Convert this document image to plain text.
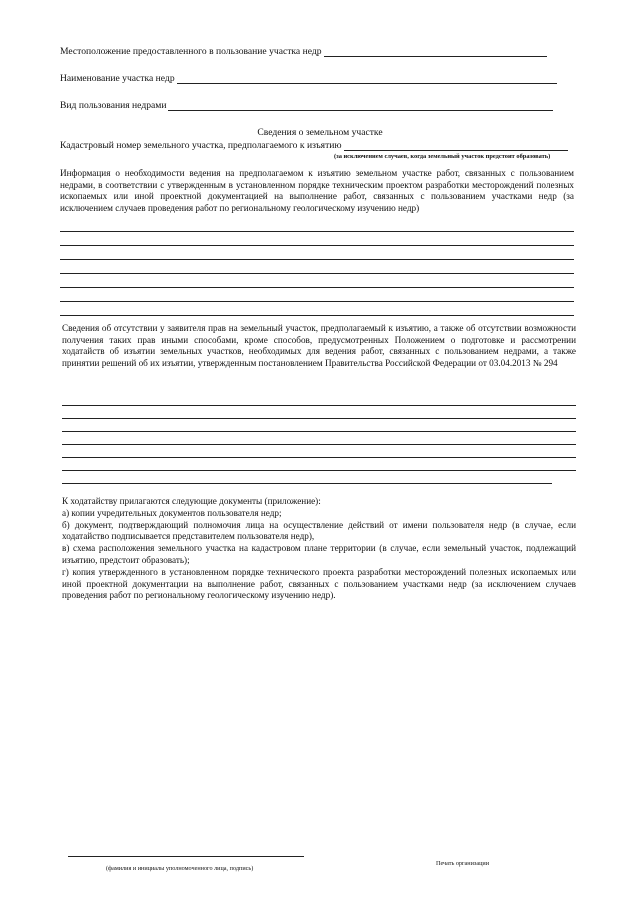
Местоположение предоставленного в пользование участка недр
Наименование участка недр
Вид пользования недрами
Сведения о земельном участке
Кадастровый номер земельного участка, предполагаемого к изъятию
(за исключением случаев, когда земельный участок предстоит образовать)
Информация о необходимости ведения на предполагаемом к изъятию земельном участке работ, связанных с пользованием недрами, в соответствии с утвержденным в установленном порядке техническим проектом разработки месторождений полезных ископаемых или иной проектной документацией на выполнение работ, связанных с пользованием участками недр (за исключением случаев проведения работ по региональному геологическому изучению недр)
Сведения об отсутствии у заявителя прав на земельный участок, предполагаемый к изъятию, а также об отсутствии возможности получения таких прав иными способами, кроме способов, предусмотренных Положением о подготовке и рассмотрении ходатайств об изъятии земельных участков, необходимых для ведения работ, связанных с пользованием недрами, а также принятии решений об их изъятии, утвержденным постановлением Правительства Российской Федерации от 03.04.2013 № 294

К ходатайству прилагаются следующие документы (приложение):

а) копии учредительных документов пользователя недр;

б) документ, подтверждающий полномочия лица на осуществление действий от имени пользователя недр (в случае, если ходатайство подписывается представителем пользователя недр),

в) схема расположения земельного участка на кадастровом плане территории (в случае, если земельный участок, подлежащий изъятию, предстоит образовать);

г) копия утвержденного в установленном порядке технического проекта разработки месторождений полезных ископаемых или иной проектной документации на выполнение работ, связанных с пользованием участками недр (за исключением случаев проведения работ по региональному геологическому изучению недр).

(фамилия и инициалы уполномоченного лица, подпись)
Печать организации
